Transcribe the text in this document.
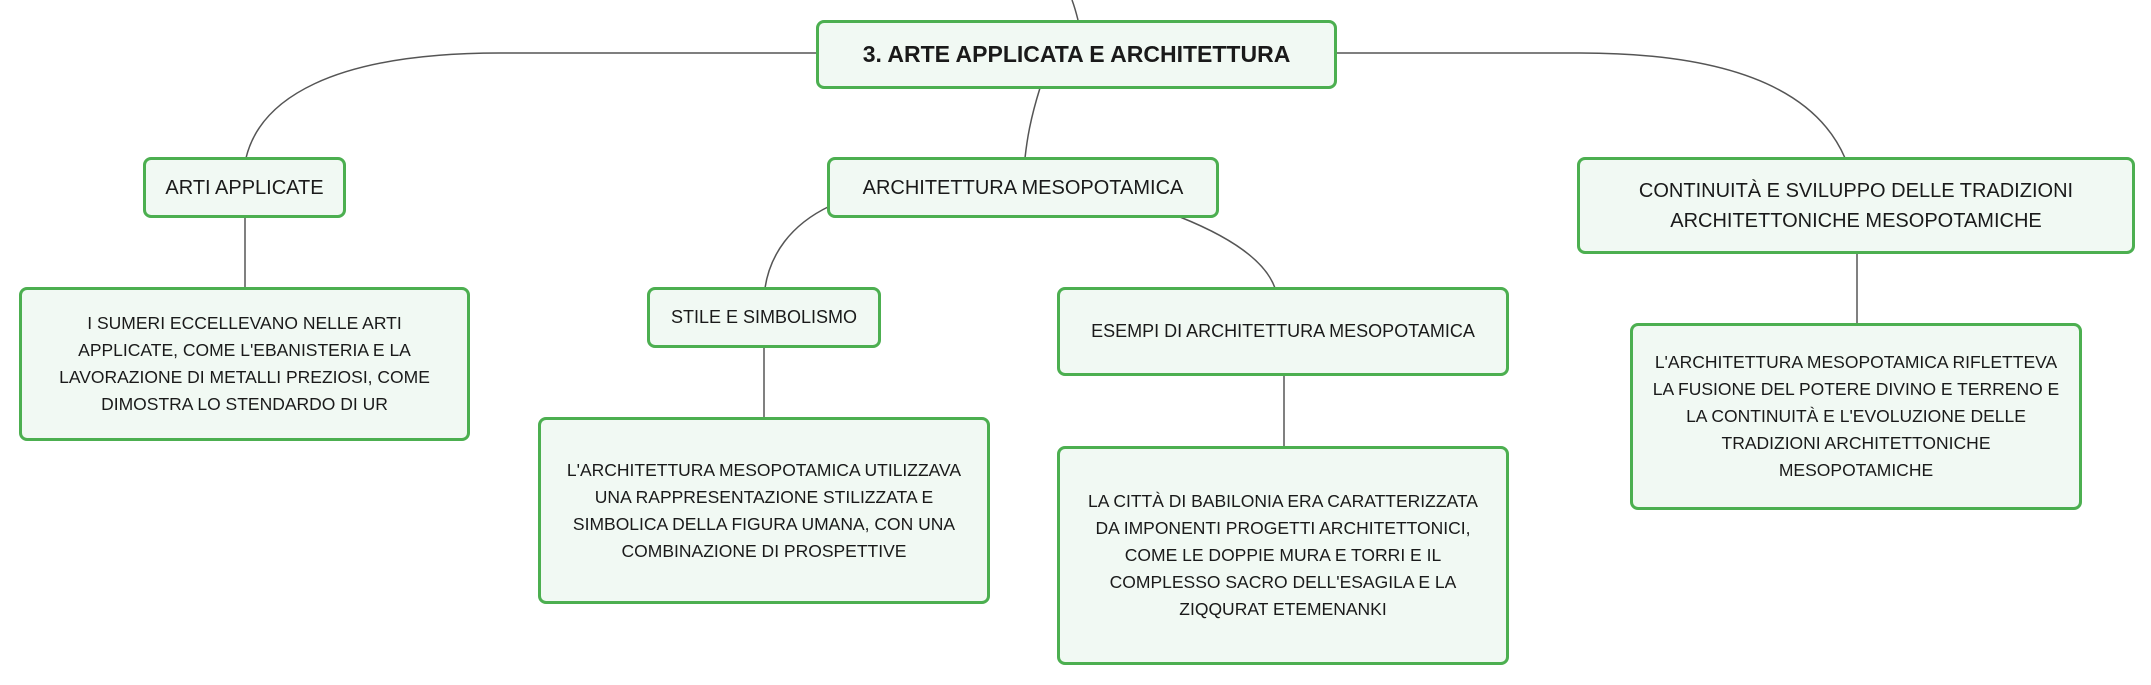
3. ARTE APPLICATA E ARCHITETTURA
ARTI APPLICATE
I SUMERI ECCELLEVANO NELLE ARTI APPLICATE, COME L'EBANISTERIA E LA LAVORAZIONE DI METALLI PREZIOSI, COME DIMOSTRA LO STENDARDO DI UR
ARCHITETTURA MESOPOTAMICA
STILE E SIMBOLISMO
L'ARCHITETTURA MESOPOTAMICA UTILIZZAVA UNA RAPPRESENTAZIONE STILIZZATA E SIMBOLICA DELLA FIGURA UMANA, CON UNA COMBINAZIONE DI PROSPETTIVE
ESEMPI DI ARCHITETTURA MESOPOTAMICA
LA CITTÀ DI BABILONIA ERA CARATTERIZZATA DA IMPONENTI PROGETTI ARCHITETTONICI, COME LE DOPPIE MURA E TORRI E IL COMPLESSO SACRO DELL'ESAGILA E LA ZIQQURAT ETEMENANKI
CONTINUITÀ E SVILUPPO DELLE TRADIZIONI ARCHITETTONICHE MESOPOTAMICHE
L'ARCHITETTURA MESOPOTAMICA RIFLETTEVA LA FUSIONE DEL POTERE DIVINO E TERRENO E LA CONTINUITÀ E L'EVOLUZIONE DELLE TRADIZIONI ARCHITETTONICHE MESOPOTAMICHE
